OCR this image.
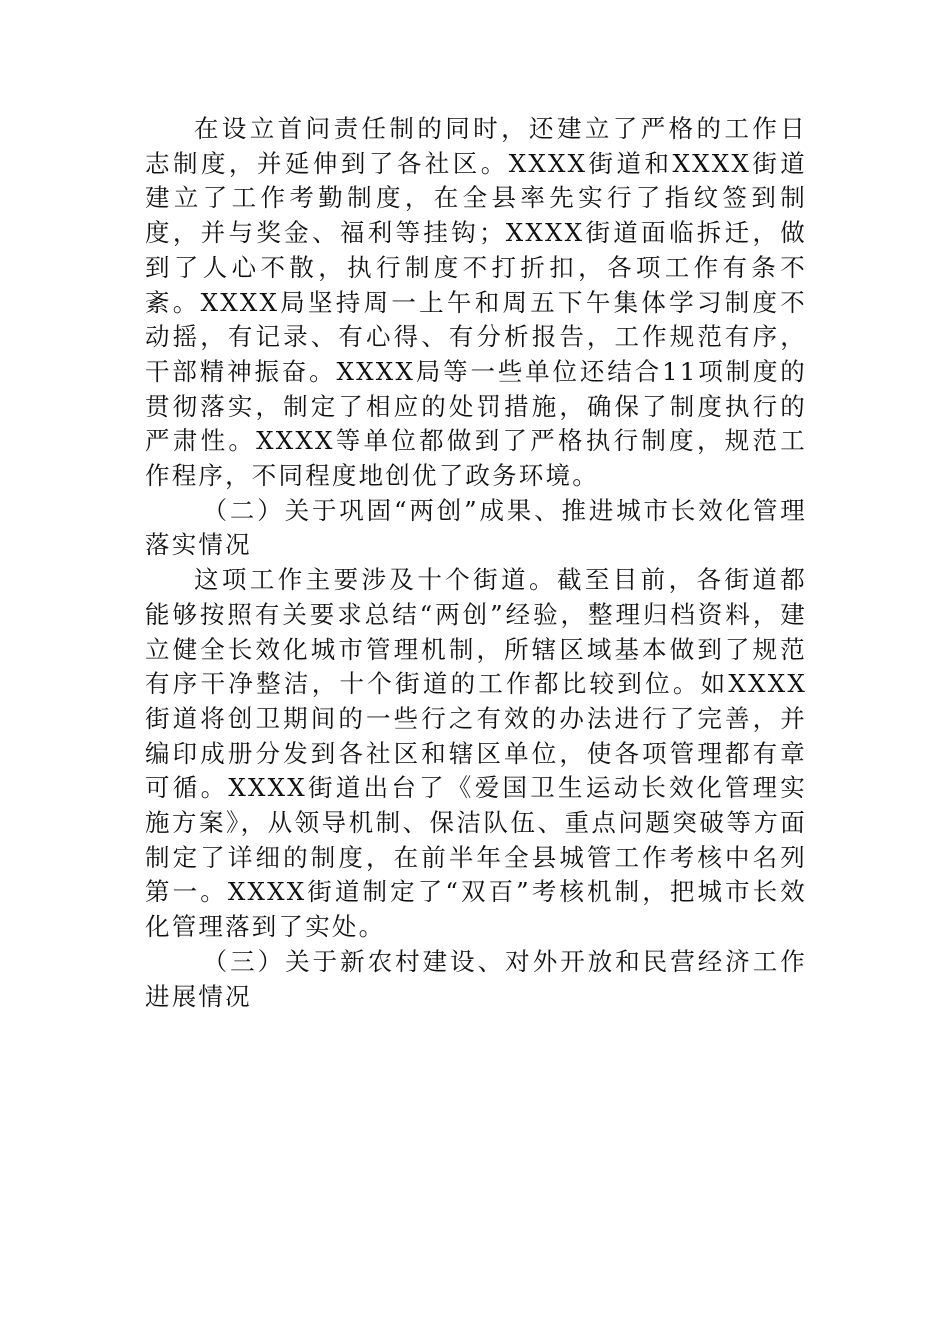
在设立首问责任制的同时，还建立了严格的工作日志制度，并延伸到了各社区。XXXX街道和XXXX街道建立了工作考勤制度，在全县率先实行了指纹签到制度，并与奖金、福利等挂钩；XXXX街道面临拆迁，做到了人心不散，执行制度不打折扣，各项工作有条不紊。XXXX局坚持周一上午和周五下午集体学习制度不动摇，有记录、有心得、有分析报告，工作规范有序，干部精神振奋。XXXX局等一些单位还结合11项制度的贯彻落实，制定了相应的处罚措施，确保了制度执行的严肃性。XXXX等单位都做到了严格执行制度，规范工作程序，不同程度地创优了政务环境。

（二）关于巩固“两创”成果、推进城市长效化管理落实情况

这项工作主要涉及十个街道。截至目前，各街道都能够按照有关要求总结“两创”经验，整理归档资料，建立健全长效化城市管理机制，所辖区域基本做到了规范有序干净整洁，十个街道的工作都比较到位。如XXXX街道将创卫期间的一些行之有效的办法进行了完善，并编印成册分发到各社区和辖区单位，使各项管理都有章可循。XXXX街道出台了《爱国卫生运动长效化管理实施方案》，从领导机制、保洁队伍、重点问题突破等方面制定了详细的制度，在前半年全县城管工作考核中名列第一。XXXX街道制定了“双百”考核机制，把城市长效化管理落到了实处。

（三）关于新农村建设、对外开放和民营经济工作进展情况
